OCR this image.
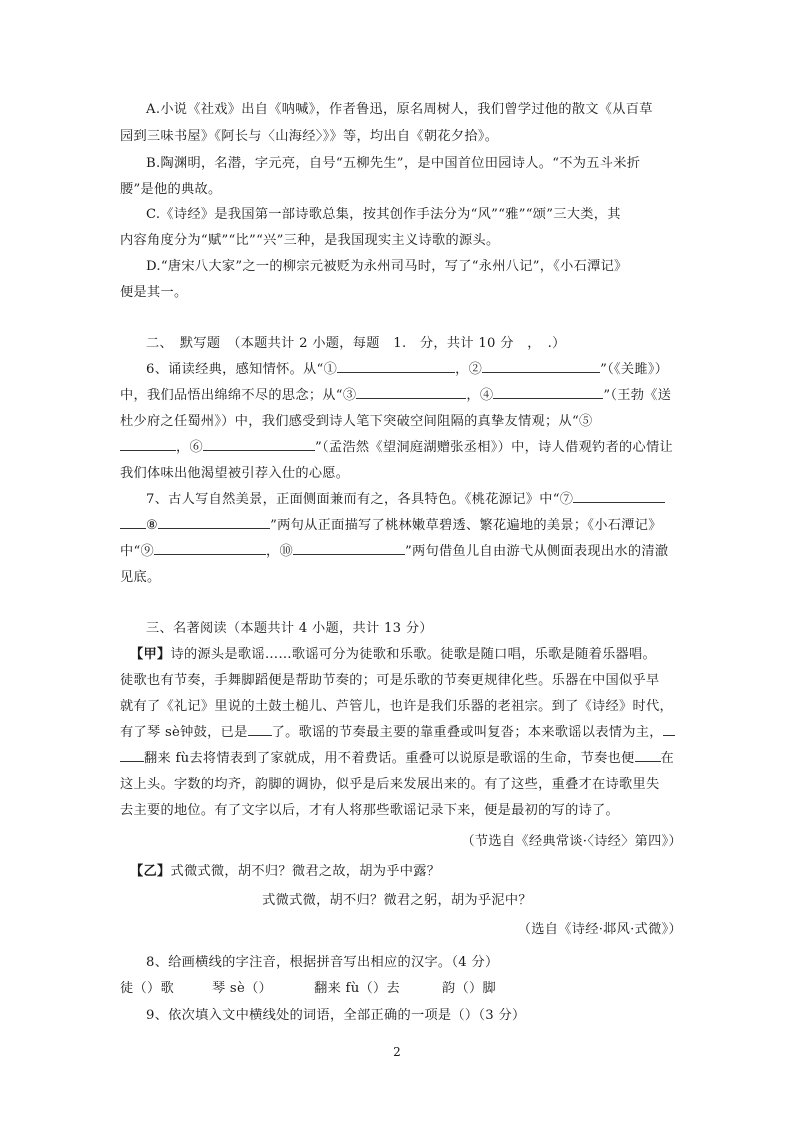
A.小说《社戏》出自《呐喊》，作者鲁迅，原名周树人，我们曾学过他的散文《从百草
园到三味书屋》《阿长与〈山海经〉》》等，均出自《朝花夕拾》。
B.陶渊明，名潜，字元亮，自号“五柳先生”，是中国首位田园诗人。“不为五斗米折
腰”是他的典故。
C.《诗经》是我国第一部诗歌总集，按其创作手法分为“风”“雅”“颂”三大类，其
内容角度分为“赋”“比”“兴”三种，是我国现实主义诗歌的源头。
D.“唐宋八大家”之一的柳宗元被贬为永州司马时，写了“永州八记”，《小石潭记》
便是其一。
二、　默写题　（本题共计 2 小题，每题　1.　分，共计 10 分　，　.）
6、诵读经典，感知情怀。从“①	，②	”（《关雎》）
中，我们品悟出绵绵不尽的思念；从“③	，④	”（王勃《送
杜少府之任蜀州》）中，我们感受到诗人笔下突破空间阻隔的真挚友情观；从“⑤
，⑥	”（孟浩然《望洞庭湖赠张丞相》）中，诗人借观钓者的心情让
我们体味出他渴望被引荐入仕的心愿。
7、古人写自然美景，正面侧面兼而有之，各具特色。《桃花源记》中“⑦
⑧	”两句从正面描写了桃林嫩草碧透、繁花遍地的美景；《小石潭记》
中“⑨	，⑩	”两句借鱼儿自由游弋从侧面表现出水的清澈
见底。
三、名著阅读（本题共计 4 小题，共计 13 分）
【甲】诗的源头是歌谣……歌谣可分为徒歌和乐歌。徒歌是随口唱，乐歌是随着乐器唱。
徒歌也有节奏，手舞脚蹈便是帮助节奏的；可是乐歌的节奏更规律化些。乐器在中国似乎早
就有了《礼记》里说的土鼓土槌儿、芦管儿，也许是我们乐器的老祖宗。到了《诗经》时代，
有了琴 sè钟鼓，已是 了。歌谣的节奏最主要的靠重叠或叫复沓；本来歌谣以表情为主，
翻来 fù去将情表到了家就成，用不着费话。重叠可以说原是歌谣的生命，节奏也便 在
这上头。字数的均齐，韵脚的调协，似乎是后来发展出来的。有了这些，重叠才在诗歌里失
去主要的地位。有了文字以后，才有人将那些歌谣记录下来，便是最初的写的诗了。
（节选自《经典常谈·〈诗经〉第四》）
【乙】式微式微，胡不归？微君之故，胡为乎中露？
式微式微，胡不归？微君之躬，胡为乎泥中？
（选自《诗经·邶风·式微》）
8、给画横线的字注音，根据拼音写出相应的汉字。（4 分）
徒（）歌	琴 sè（）	翻来 fù（）去	韵（）脚
9、依次填入文中横线处的词语，全部正确的一项是（）（3 分）
2
